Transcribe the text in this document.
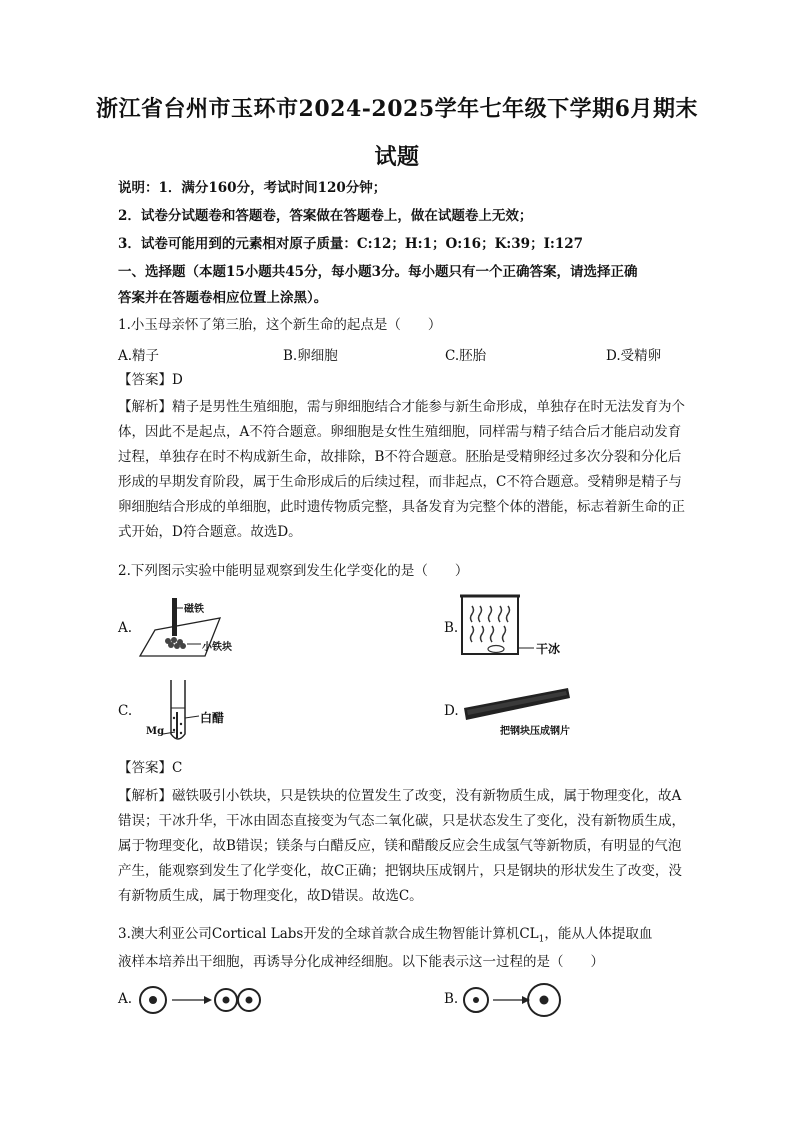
浙江省台州市玉环市2024-2025学年七年级下学期6月期末
试题
说明：1．满分160分，考试时间120分钟；
2．试卷分试题卷和答题卷，答案做在答题卷上，做在试题卷上无效；
3．试卷可能用到的元素相对原子质量：C:12；H:1；O:16；K:39；I:127
一、选择题（本题15小题共45分，每小题3分。每小题只有一个正确答案，请选择正确
答案并在答题卷相应位置上涂黑）。
1.小玉母亲怀了第三胎，这个新生命的起点是（　　）
A.精子	B.卵细胞	C.胚胎	D.受精卵
【答案】D
【解析】精子是男性生殖细胞，需与卵细胞结合才能参与新生命形成，单独存在时无法发育为个体，因此不是起点，A不符合题意。卵细胞是女性生殖细胞，同样需与精子结合后才能启动发育过程，单独存在时不构成新生命，故排除，B不符合题意。胚胎是受精卵经过多次分裂和分化后形成的早期发育阶段，属于生命形成后的后续过程，而非起点，C不符合题意。受精卵是精子与卵细胞结合形成的单细胞，此时遗传物质完整，具备发育为完整个体的潜能，标志着新生命的正式开始，D符合题意。故选D。
2.下列图示实验中能明显观察到发生化学变化的是（　　）
A.
磁铁
小铁块
B.
干冰
C.	白醋
Mg
D.
把钢块压成钢片
【答案】C
【解析】磁铁吸引小铁块，只是铁块的位置发生了改变，没有新物质生成，属于物理变化，故A错误；干冰升华，干冰由固态直接变为气态二氧化碳，只是状态发生了变化，没有新物质生成，属于物理变化，故B错误；镁条与白醋反应，镁和醋酸反应会生成氢气等新物质，有明显的气泡产生，能观察到发生了化学变化，故C正确；把钢块压成钢片，只是钢块的形状发生了改变，没有新物质生成，属于物理变化，故D错误。故选C。
3.澳大利亚公司Cortical Labs开发的全球首款合成生物智能计算机$CL_1$，能从人体提取血
液样本培养出干细胞，再诱导分化成神经细胞。以下能表示这一过程的是（　　）
A.	B.
